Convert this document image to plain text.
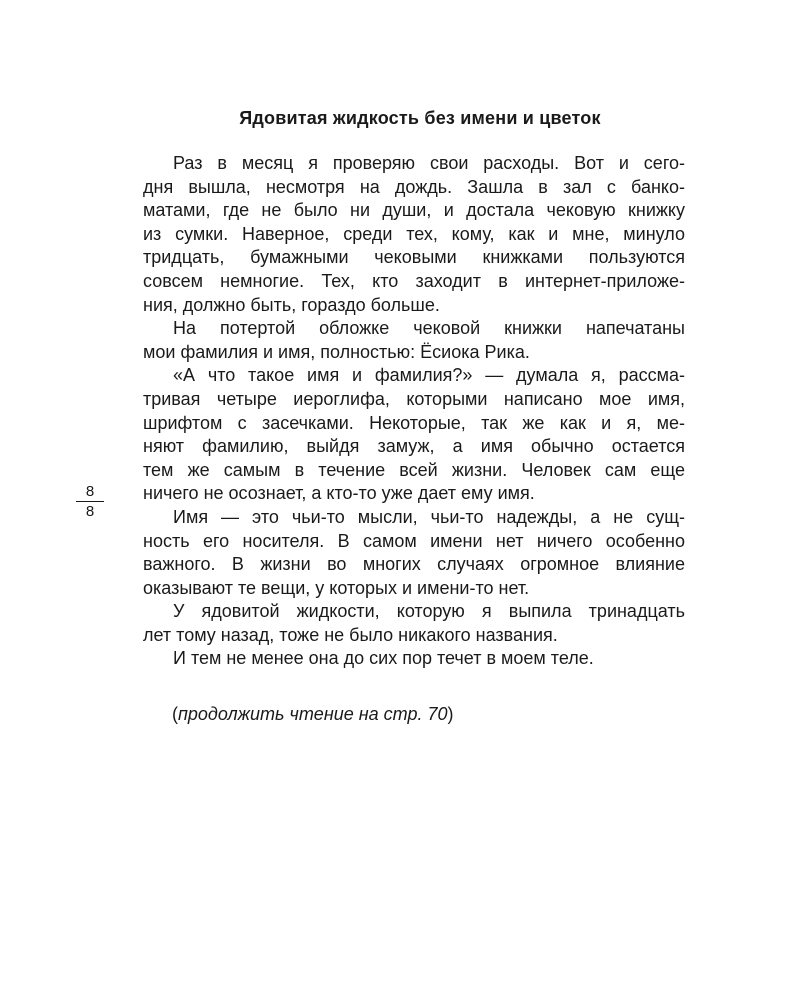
Ядовитая жидкость без имени и цветок
Раз в месяц я проверяю свои расходы. Вот и сего-
дня вышла, несмотря на дождь. Зашла в зал с банко-
матами, где не было ни души, и достала чековую книжку
из сумки. Наверное, среди тех, кому, как и мне, минуло
тридцать, бумажными чековыми книжками пользуются
совсем немногие. Тех, кто заходит в интернет-приложе-
ния, должно быть, гораздо больше.
На потертой обложке чековой книжки напечатаны
мои фамилия и имя, полностью: Ёсиока Рика.
«А что такое имя и фамилия?» — думала я, рассма-
тривая четыре иероглифа, которыми написано мое имя,
шрифтом с засечками. Некоторые, так же как и я, ме-
няют фамилию, выйдя замуж, а имя обычно остается
тем же самым в течение всей жизни. Человек сам еще
ничего не осознает, а кто-то уже дает ему имя.
Имя — это чьи-то мысли, чьи-то надежды, а не сущ-
ность его носителя. В самом имени нет ничего особенно
важного. В жизни во многих случаях огромное влияние
оказывают те вещи, у которых и имени-то нет.
У ядовитой жидкости, которую я выпила тринадцать
лет тому назад, тоже не было никакого названия.
И тем не менее она до сих пор течет в моем теле.

(продолжить чтение на стр. 70)

8
8
